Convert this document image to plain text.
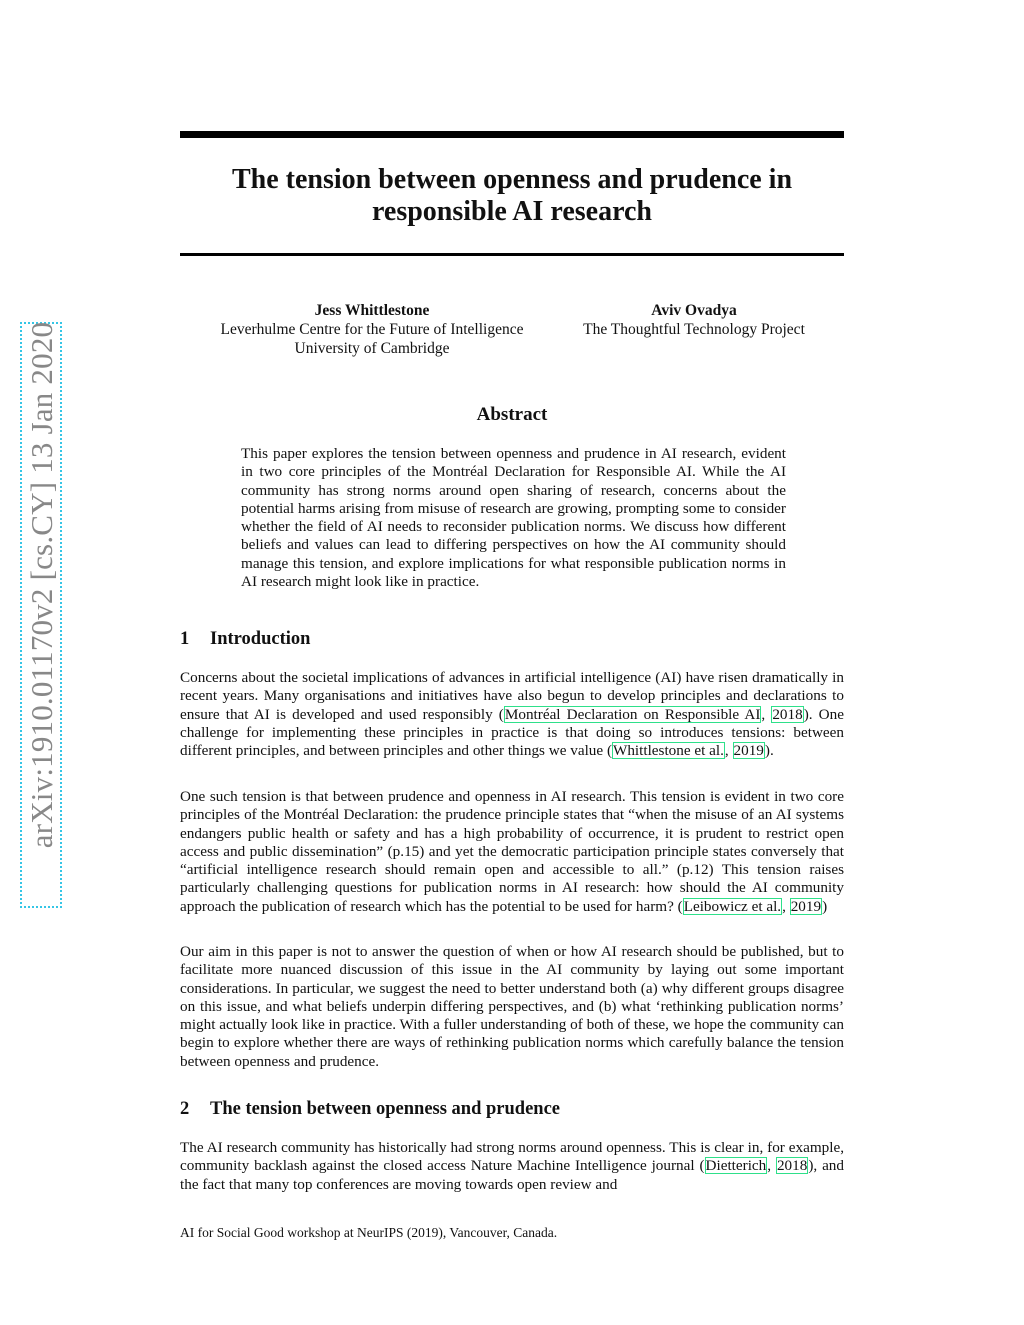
arXiv:1910.01170v2 [cs.CY] 13 Jan 2020
The tension between openness and prudence in responsible AI research
Jess Whittlestone
Leverhulme Centre for the Future of Intelligence
University of Cambridge
Aviv Ovadya
The Thoughtful Technology Project
Abstract

This paper explores the tension between openness and prudence in AI research, evident in two core principles of the Montréal Declaration for Responsible AI. While the AI community has strong norms around open sharing of research, concerns about the potential harms arising from misuse of research are growing, prompting some to consider whether the field of AI needs to reconsider publication norms. We discuss how different beliefs and values can lead to differing perspectives on how the AI community should manage this tension, and explore implications for what responsible publication norms in AI research might look like in practice.

1 Introduction

Concerns about the societal implications of advances in artificial intelligence (AI) have risen dramatically in recent years. Many organisations and initiatives have also begun to develop principles and declarations to ensure that AI is developed and used responsibly (Montréal Declaration on Responsible AI, 2018). One challenge for implementing these principles in practice is that doing so introduces tensions: between different principles, and between principles and other things we value (Whittlestone et al., 2019).

One such tension is that between prudence and openness in AI research. This tension is evident in two core principles of the Montréal Declaration: the prudence principle states that “when the misuse of an AI systems endangers public health or safety and has a high probability of occurrence, it is prudent to restrict open access and public dissemination” (p.15) and yet the democratic participation principle states conversely that “artificial intelligence research should remain open and accessible to all.” (p.12) This tension raises particularly challenging questions for publication norms in AI research: how should the AI community approach the publication of research which has the potential to be used for harm? (Leibowicz et al., 2019)

Our aim in this paper is not to answer the question of when or how AI research should be published, but to facilitate more nuanced discussion of this issue in the AI community by laying out some important considerations. In particular, we suggest the need to better understand both (a) why different groups disagree on this issue, and what beliefs underpin differing perspectives, and (b) what ‘rethinking publication norms’ might actually look like in practice. With a fuller understanding of both of these, we hope the community can begin to explore whether there are ways of rethinking publication norms which carefully balance the tension between openness and prudence.

2 The tension between openness and prudence

The AI research community has historically had strong norms around openness. This is clear in, for example, community backlash against the closed access Nature Machine Intelligence journal (Dietterich, 2018), and the fact that many top conferences are moving towards open review and

AI for Social Good workshop at NeurIPS (2019), Vancouver, Canada.
